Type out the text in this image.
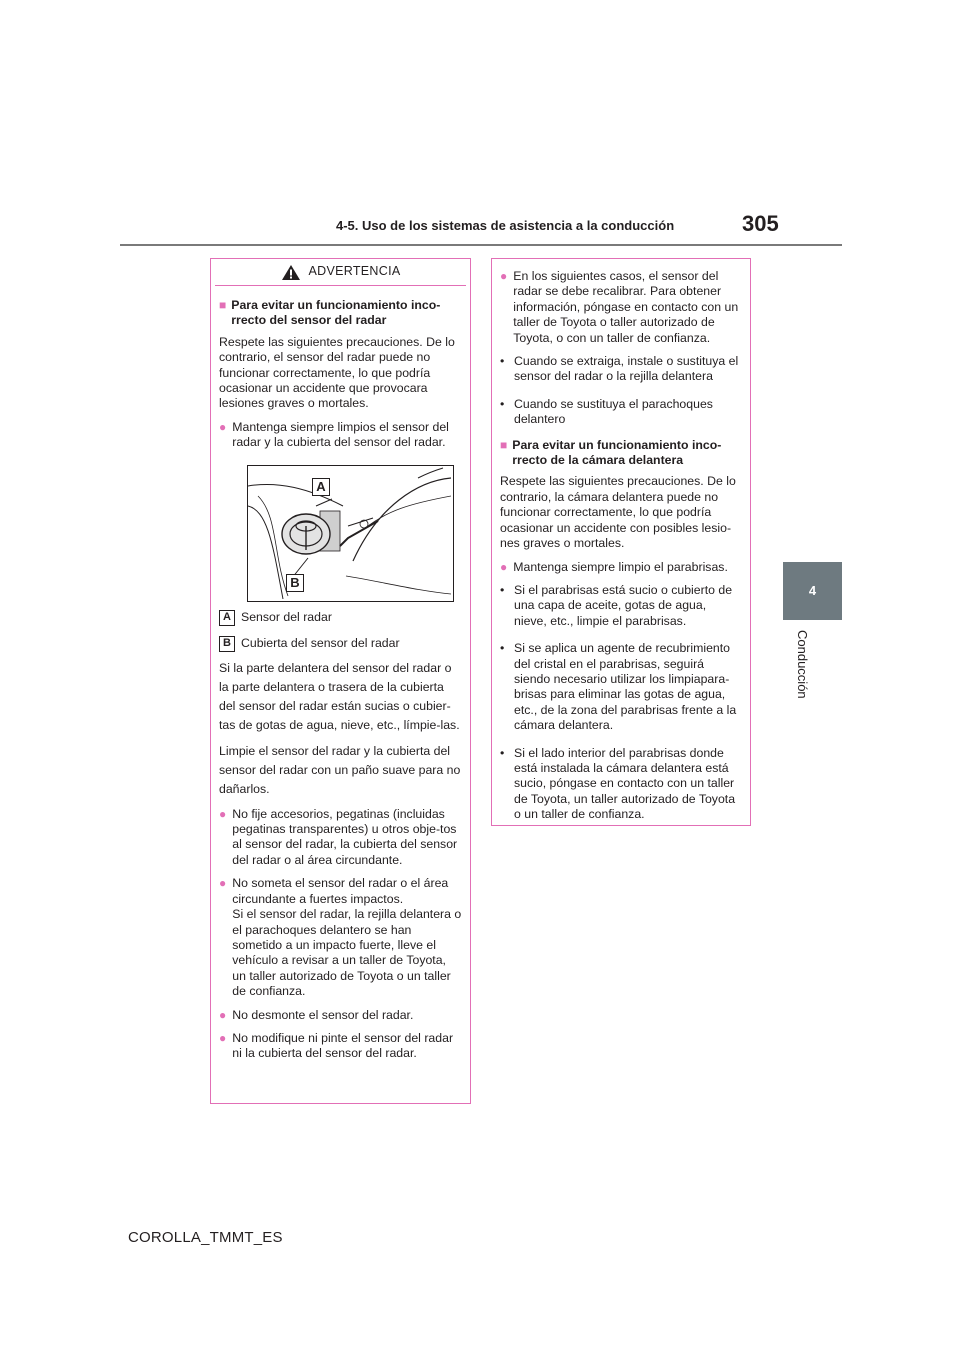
4-5. Uso de los sistemas de asistencia a la conducción	305
4
Conducción
ADVERTENCIA
■ Para evitar un funcionamiento inco-rrecto del sensor del radar

Respete las siguientes precauciones. De lo contrario, el sensor del radar puede no funcionar correctamente, lo que podría ocasionar un accidente que provocara lesiones graves o mortales.

● Mantenga siempre limpios el sensor del radar y la cubierta del sensor del radar.
A
B
A Sensor del radar
B Cubierta del sensor del radar

Si la parte delantera del sensor del radar o la parte delantera o trasera de la cubierta del sensor del radar están sucias o cubier-tas de gotas de agua, nieve, etc., límpie-las.

Limpie el sensor del radar y la cubierta del sensor del radar con un paño suave para no dañarlos.

● No fije accesorios, pegatinas (incluidas pegatinas transparentes) u otros obje-tos al sensor del radar, la cubierta del sensor del radar o al área circundante.
● No someta el sensor del radar o el área circundante a fuertes impactos.
Si el sensor del radar, la rejilla delantera o el parachoques delantero se han sometido a un impacto fuerte, lleve el vehículo a revisar a un taller de Toyota, un taller autorizado de Toyota o un taller de confianza.
● No desmonte el sensor del radar.
● No modifique ni pinte el sensor del radar ni la cubierta del sensor del radar.
● En los siguientes casos, el sensor del radar se debe recalibrar. Para obtener información, póngase en contacto con un taller de Toyota o taller autorizado de Toyota, o con un taller de confianza.
• Cuando se extraiga, instale o sustituya el sensor del radar o la rejilla delantera
• Cuando se sustituya el parachoques delantero
■ Para evitar un funcionamiento inco-rrecto de la cámara delantera

Respete las siguientes precauciones. De lo contrario, la cámara delantera puede no funcionar correctamente, lo que podría ocasionar un accidente con posibles lesio-nes graves o mortales.

● Mantenga siempre limpio el parabrisas.
• Si el parabrisas está sucio o cubierto de una capa de aceite, gotas de agua, nieve, etc., limpie el parabrisas.
• Si se aplica un agente de recubrimiento del cristal en el parabrisas, seguirá siendo necesario utilizar los limpiapara-brisas para eliminar las gotas de agua, etc., de la zona del parabrisas frente a la cámara delantera.
• Si el lado interior del parabrisas donde está instalada la cámara delantera está sucio, póngase en contacto con un taller de Toyota, un taller autorizado de Toyota o un taller de confianza.
COROLLA_TMMT_ES
